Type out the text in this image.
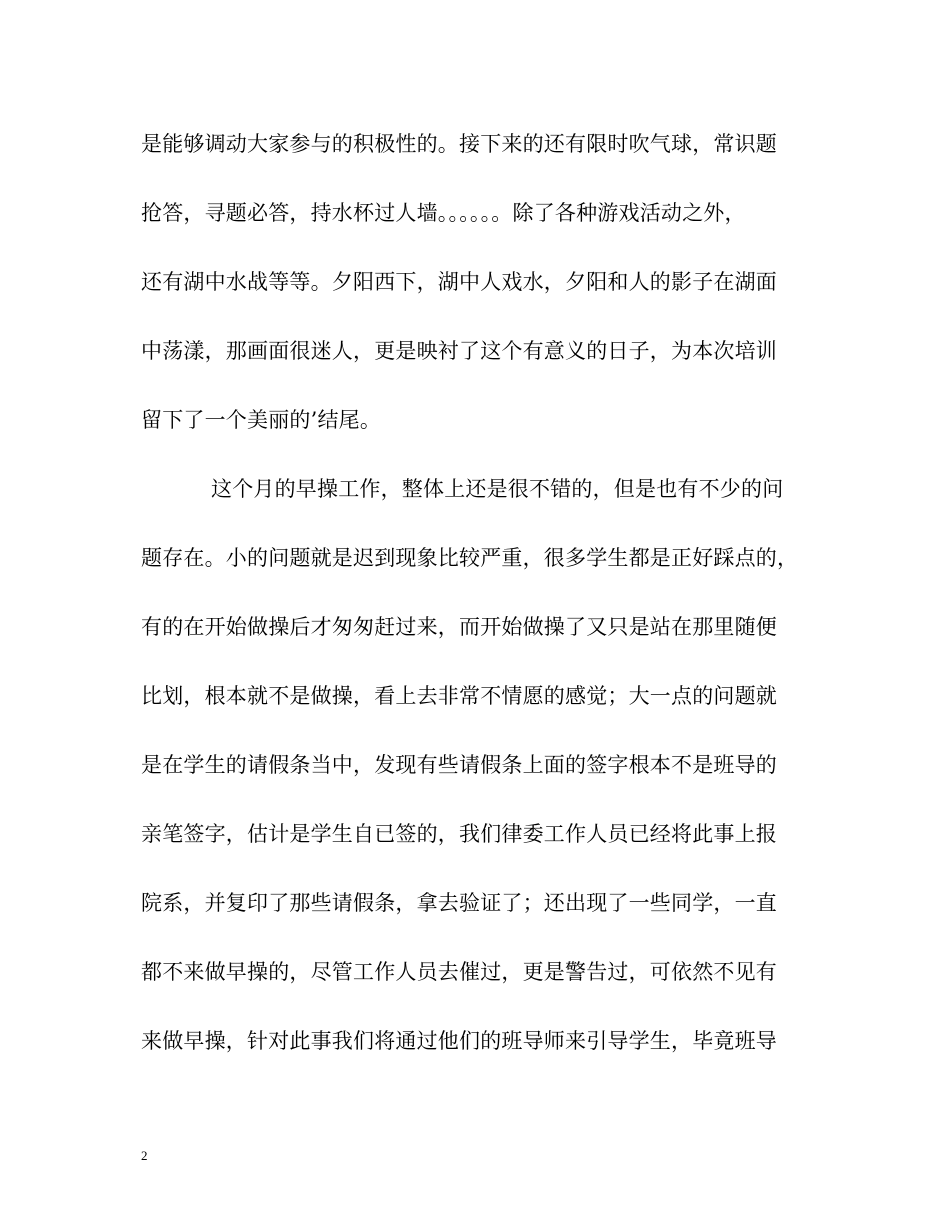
是能够调动大家参与的积极性的。接下来的还有限时吹气球，常识题
抢答，寻题必答，持水杯过人墙。。。。。。除了各种游戏活动之外，
还有湖中水战等等。夕阳西下，湖中人戏水，夕阳和人的影子在湖面
中荡漾，那画面很迷人，更是映衬了这个有意义的日子，为本次培训
留下了一个美丽的’结尾。
这个月的早操工作，整体上还是很不错的，但是也有不少的问
题存在。小的问题就是迟到现象比较严重，很多学生都是正好踩点的，
有的在开始做操后才匆匆赶过来，而开始做操了又只是站在那里随便
比划，根本就不是做操，看上去非常不情愿的感觉；大一点的问题就
是在学生的请假条当中，发现有些请假条上面的签字根本不是班导的
亲笔签字，估计是学生自已签的，我们律委工作人员已经将此事上报
院系，并复印了那些请假条，拿去验证了；还出现了一些同学，一直
都不来做早操的，尽管工作人员去催过，更是警告过，可依然不见有
来做早操，针对此事我们将通过他们的班导师来引导学生，毕竟班导
2
